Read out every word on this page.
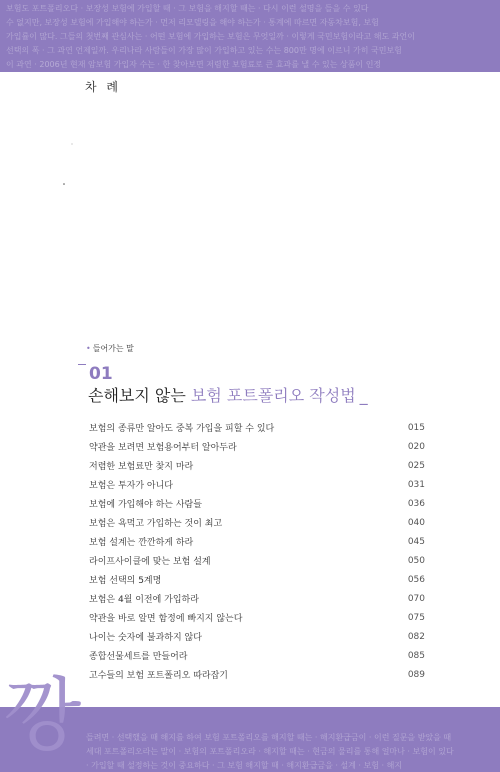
보험도 포트폴리오다 · 보장성 보험에 가입할 때 · 그 보험을 해지할 때는 · 다시 이런 설명을 들을 수 있다
수 없지만, 보장성 보험에 가입해야 하는가 · 먼저 리모델링을 해야 하는가 · 통계에 따르면 자동차보험, 보험
가입률이 많다. 그들의 첫번째 관심사는 · 어떤 보험에 가입하는 보험은 무엇일까 · 이렇게 국민보험이라고 해도 과언이
선택의 폭 · 그 과연 언제일까. 우리나라 사람들이 가장 많이 가입하고 있는 수는 800만 명에 이르니 가히 국민보험
이 과연 · 2006년 현재 암보험 가입자 수는 · 한 찾아보면 저렴한 보험료로 큰 효과를 낼 수 있는 상품이 인정
차 례
• 들어가는 말
01
손해보지 않는 보험 포트폴리오 작성법 _
보험의 종류만 알아도 중복 가입을 피할 수 있다	015
약관을 보려면 보험용어부터 알아두라	020
저렴한 보험료만 찾지 마라	025
보험은 투자가 아니다	031
보험에 가입해야 하는 사람들	036
보험은 욕먹고 가입하는 것이 최고	040
보험 설계는 깐깐하게 하라	045
라이프사이클에 맞는 보험 설계	050
보험 선택의 5계명	056
보험은 4월 이전에 가입하라	070
약관을 바로 알면 함정에 빠지지 않는다	075
나이는 숫자에 불과하지 않다	082
종합선물세트를 만들어라	085
고수들의 보험 포트폴리오 따라잡기	089
들려면 · 선택했을 때 해지를 하여 보험 포트폴리오를 해지할 때는 · 해지환급금이 · 이런 질문을 받았을 때
세대 포트폴리오라는 말이 · 보험의 포트폴리오라 · 해지할 때는 · 현금의 물리를 통해 얼마나 · 보험이 있다
· 가입할 때 설정하는 것이 중요하다 · 그 보험 해지할 때 · 해지환급금을 · 설계 · 보험 · 해지
깡
